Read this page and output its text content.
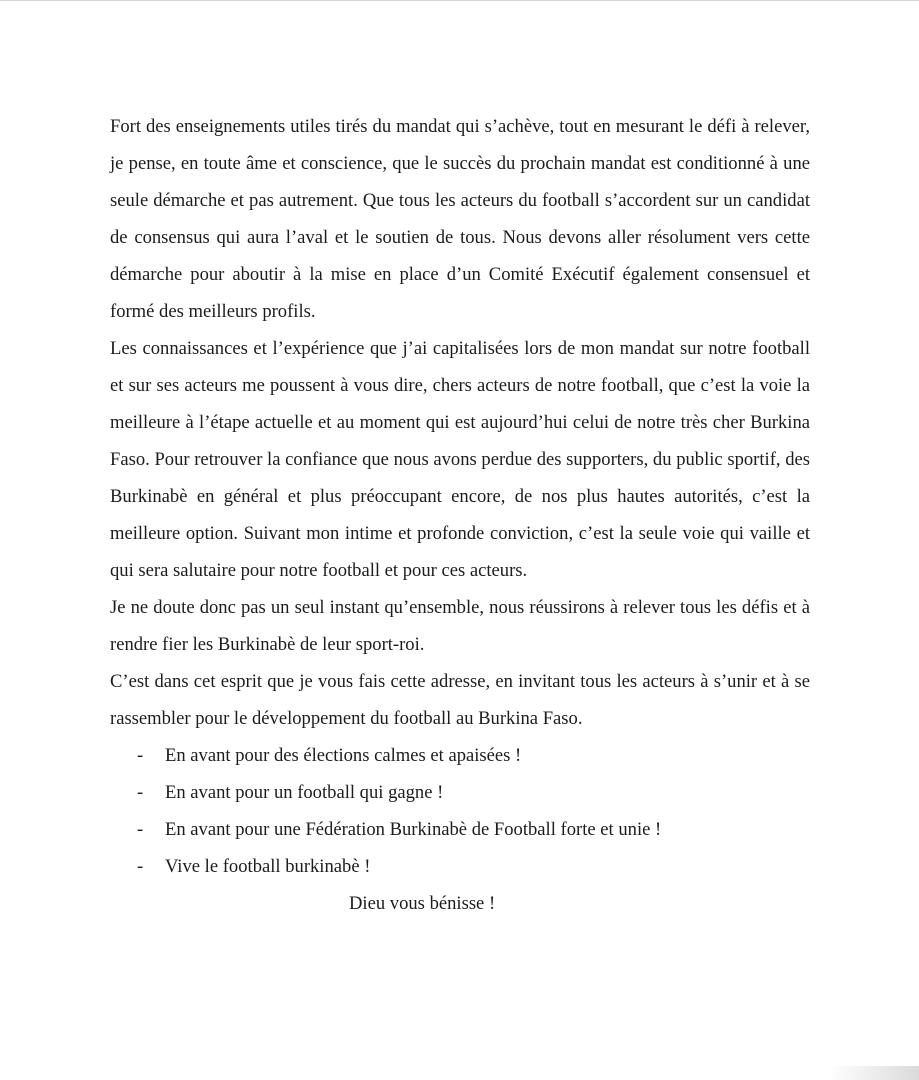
Fort des enseignements utiles tirés du mandat qui s’achève, tout en mesurant le défi à relever, je pense, en toute âme et conscience, que le succès du prochain mandat est conditionné à une seule démarche et pas autrement. Que tous les acteurs du football s’accordent sur un candidat de consensus qui aura l’aval et le soutien de tous. Nous devons aller résolument vers cette démarche pour aboutir à la mise en place d’un Comité Exécutif également consensuel et formé des meilleurs profils.

Les connaissances et l’expérience que j’ai capitalisées lors de mon mandat sur notre football et sur ses acteurs me poussent à vous dire, chers acteurs de notre football, que c’est la voie la meilleure à l’étape actuelle et au moment qui est aujourd’hui celui de notre très cher Burkina Faso. Pour retrouver la confiance que nous avons perdue des supporters, du public sportif, des Burkinabè en général et plus préoccupant encore, de nos plus hautes autorités, c’est la meilleure option. Suivant mon intime et profonde conviction, c’est la seule voie qui vaille et qui sera salutaire pour notre football et pour ces acteurs.

Je ne doute donc pas un seul instant qu’ensemble, nous réussirons à relever tous les défis et à rendre fier les Burkinabè de leur sport-roi.

C’est dans cet esprit que je vous fais cette adresse, en invitant tous les acteurs à s’unir et à se rassembler pour le développement du football au Burkina Faso.

- En avant pour des élections calmes et apaisées !
- En avant pour un football qui gagne !
- En avant pour une Fédération Burkinabè de Football forte et unie !
- Vive le football burkinabè !

Dieu vous bénisse !
